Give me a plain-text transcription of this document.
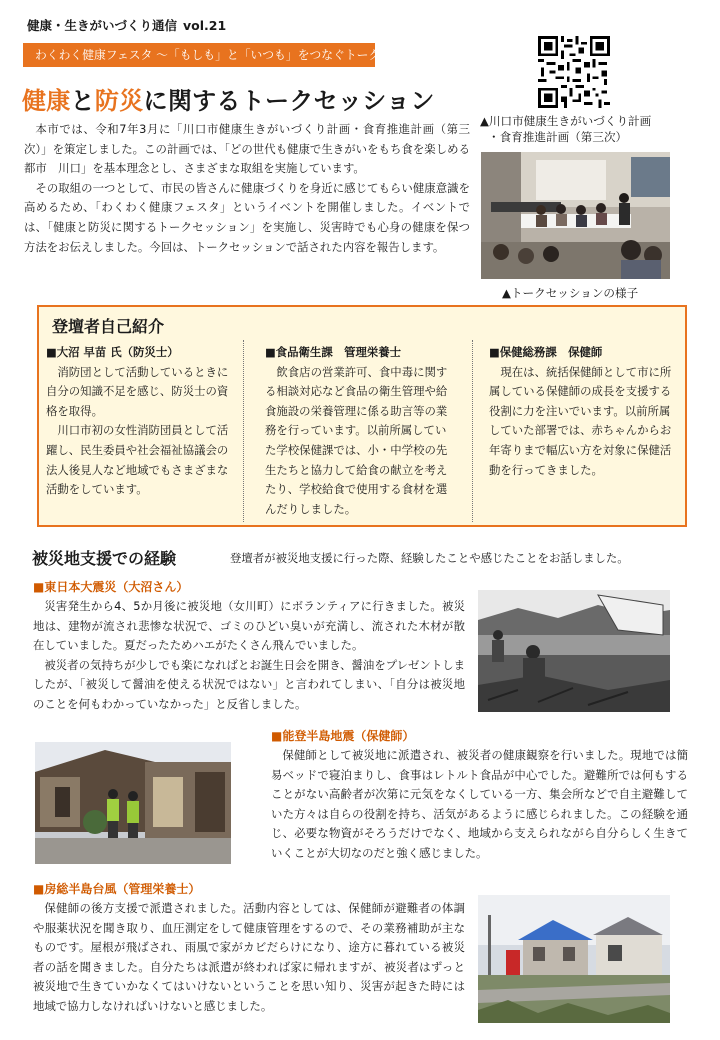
健康・生きがいづくり通信 vol.21
わくわく健康フェスタ 〜「もしも」と「いつも」をつなぐトーク〜
健康と防災に関するトークセッション

本市では、令和7年3月に「川口市健康生きがいづくり計画・食育推進計画（第三次）」を策定しました。この計画では、「どの世代も健康で生きがいをもち食を楽しめる都市　川口」を基本理念とし、さまざまな取組を実施しています。

その取組の一つとして、市民の皆さんに健康づくりを身近に感じてもらい健康意識を高めるため、「わくわく健康フェスタ」というイベントを開催しました。イベントでは、「健康と防災に関するトークセッション」を実施し、災害時でも心身の健康を保つ方法をお伝えしました。今回は、トークセッションで話された内容を報告します。

▲川口市健康生きがいづくり計画
・食育推進計画（第三次）
▲トークセッションの様子
登壇者自己紹介
■大沼 早苗 氏（防災士）

消防団として活動しているときに自分の知識不足を感じ、防災士の資格を取得。

川口市初の女性消防団員として活躍し、民生委員や社会福祉協議会の法人後見人など地域でもさまざまな活動をしています。

■食品衛生課　管理栄養士

飲食店の営業許可、食中毒に関する相談対応など食品の衛生管理や給食施設の栄養管理に係る助言等の業務を行っています。以前所属していた学校保健課では、小・中学校の先生たちと協力して給食の献立を考えたり、学校給食で使用する食材を選んだりしました。

■保健総務課　保健師

現在は、統括保健師として市に所属している保健師の成長を支援する役割に力を注いでいます。以前所属していた部署では、赤ちゃんからお年寄りまで幅広い方を対象に保健活動を行ってきました。

被災地支援での経験	登壇者が被災地支援に行った際、経験したことや感じたことをお話しました。
■東日本大震災（大沼さん）

災害発生から4、5か月後に被災地（女川町）にボランティアに行きました。被災地は、建物が流され悲惨な状況で、ゴミのひどい臭いが充満し、流された木材が散在していました。夏だったためハエがたくさん飛んでいました。

被災者の気持ちが少しでも楽になればとお誕生日会を開き、醤油をプレゼントしましたが、「被災して醤油を使える状況ではない」と言われてしまい、「自分は被災地のことを何もわかっていなかった」と反省しました。

■能登半島地震（保健師）

保健師として被災地に派遣され、被災者の健康観察を行いました。現地では簡易ベッドで寝泊まりし、食事はレトルト食品が中心でした。避難所では何もすることがない高齢者が次第に元気をなくしている一方、集会所などで自主避難していた方々は自らの役割を持ち、活気があるように感じられました。この経験を通じ、必要な物資がそろうだけでなく、地域から支えられながら自分らしく生きていくことが大切なのだと強く感じました。

■房総半島台風（管理栄養士）

保健師の後方支援で派遣されました。活動内容としては、保健師が避難者の体調や服薬状況を聞き取り、血圧測定をして健康管理をするので、その業務補助が主なものです。屋根が飛ばされ、雨風で家がカビだらけになり、途方に暮れている被災者の話を聞きました。自分たちは派遣が終われば家に帰れますが、被災者はずっと被災地で生きていかなくてはいけないということを思い知り、災害が起きた時には地域で協力しなければいけないと感じました。
